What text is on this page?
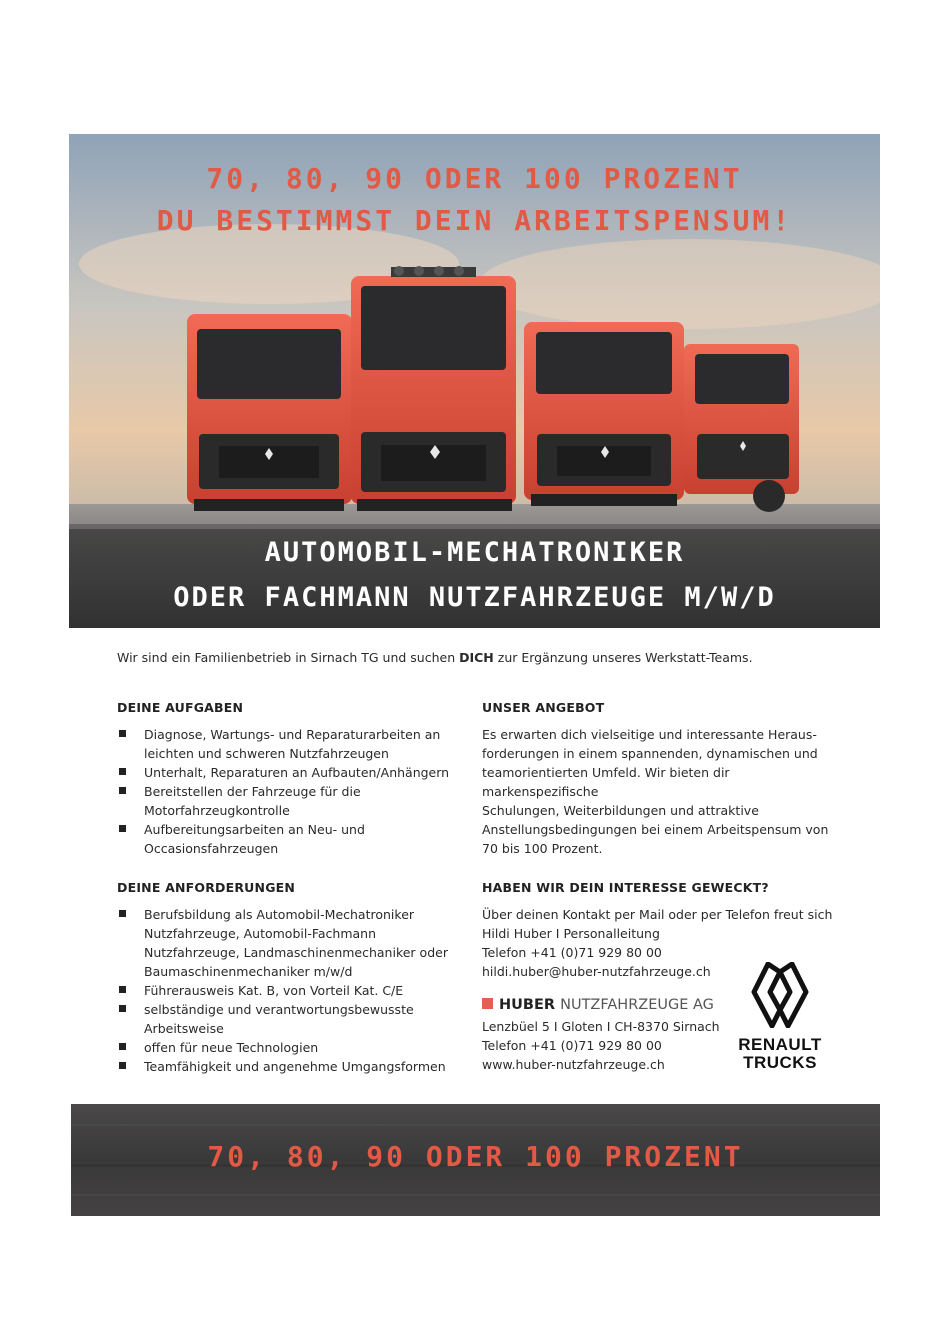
70, 80, 90 ODER 100 PROZENT
DU BESTIMMST DEIN ARBEITSPENSUM!
AUTOMOBIL-MECHATRONIKER
ODER FACHMANN NUTZFAHRZEUGE M/W/D
Wir sind ein Familienbetrieb in Sirnach TG und suchen DICH zur Ergänzung unseres Werkstatt-Teams.
DEINE AUFGABEN
Diagnose, Wartungs- und Reparaturarbeiten an leichten und schweren Nutzfahrzeugen
Unterhalt, Reparaturen an Aufbauten/Anhängern
Bereitstellen der Fahrzeuge für die Motorfahrzeugkontrolle
Aufbereitungsarbeiten an Neu- und Occasionsfahrzeugen
DEINE ANFORDERUNGEN
Berufsbildung als Automobil-Mechatroniker Nutzfahrzeuge, Automobil-Fachmann Nutzfahrzeuge, Landmaschinenmechaniker oder Baumaschinenmechaniker m/w/d
Führerausweis Kat. B, von Vorteil Kat. C/E
selbständige und verantwortungsbewusste Arbeitsweise
offen für neue Technologien
Teamfähigkeit und angenehme Umgangsformen
UNSER ANGEBOT

Es erwarten dich vielseitige und interessante Heraus-
forderungen in einem spannenden, dynamischen und
teamorientierten Umfeld. Wir bieten dir markenspezifische
Schulungen, Weiterbildungen und attraktive
Anstellungsbedingungen bei einem Arbeitspensum von
70 bis 100 Prozent.

HABEN WIR DEIN INTERESSE GEWECKT?

Über deinen Kontakt per Mail oder per Telefon freut sich
Hildi Huber I Personalleitung
Telefon +41 (0)71 929 80 00
hildi.huber@huber-nutzfahrzeuge.ch

HUBER NUTZFAHRZEUGE AG
Lenzbüel 5 I Gloten I CH-8370 Sirnach
Telefon +41 (0)71 929 80 00
www.huber-nutzfahrzeuge.ch
RENAULT
TRUCKS
70, 80, 90 ODER 100 PROZENT
